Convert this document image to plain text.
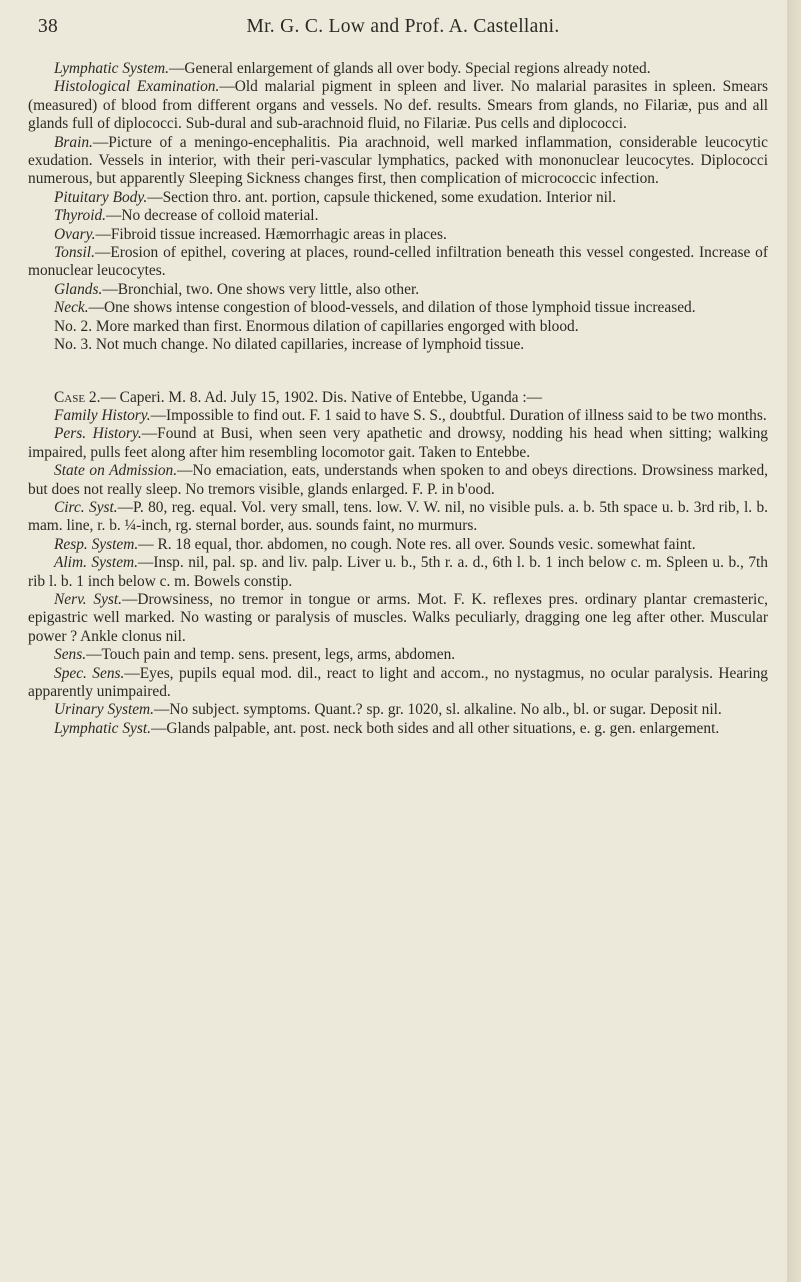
38	Mr. G. C. Low and Prof. A. Castellani.

Lymphatic System.—General enlargement of glands all over body. Special regions already noted.

Histological Examination.—Old malarial pigment in spleen and liver. No malarial parasites in spleen. Smears (measured) of blood from different organs and vessels. No def. results. Smears from glands, no Filariæ, pus and all glands full of diplococci. Sub-dural and sub-arachnoid fluid, no Filariæ. Pus cells and diplococci.

Brain.—Picture of a meningo-encephalitis. Pia arachnoid, well marked inflammation, considerable leucocytic exudation. Vessels in interior, with their peri-vascular lymphatics, packed with mononuclear leucocytes. Diplococci numerous, but apparently Sleeping Sickness changes first, then complication of micrococcic infection.

Pituitary Body.—Section thro. ant. portion, capsule thickened, some exudation. Interior nil.

Thyroid.—No decrease of colloid material.

Ovary.—Fibroid tissue increased. Hæmorrhagic areas in places.

Tonsil.—Erosion of epithel, covering at places, round-celled infiltration beneath this vessel congested. Increase of monuclear leucocytes.

Glands.—Bronchial, two. One shows very little, also other.

Neck.—One shows intense congestion of blood-vessels, and dilation of those lymphoid tissue increased.

No. 2. More marked than first. Enormous dilation of capillaries engorged with blood.

No. 3. Not much change. No dilated capillaries, increase of lymphoid tissue.

Case 2.— Caperi. M. 8. Ad. July 15, 1902. Dis. Native of Entebbe, Uganda :—

Family History.—Impossible to find out. F. 1 said to have S. S., doubtful. Duration of illness said to be two months.

Pers. History.—Found at Busi, when seen very apathetic and drowsy, nodding his head when sitting; walking impaired, pulls feet along after him resembling locomotor gait. Taken to Entebbe.

State on Admission.—No emaciation, eats, understands when spoken to and obeys directions. Drowsiness marked, but does not really sleep. No tremors visible, glands enlarged. F. P. in b'ood.

Circ. Syst.—P. 80, reg. equal. Vol. very small, tens. low. V. W. nil, no visible puls. a. b. 5th space u. b. 3rd rib, l. b. mam. line, r. b. ¼-inch, rg. sternal border, aus. sounds faint, no murmurs.

Resp. System.— R. 18 equal, thor. abdomen, no cough. Note res. all over. Sounds vesic. somewhat faint.

Alim. System.—Insp. nil, pal. sp. and liv. palp. Liver u. b., 5th r. a. d., 6th l. b. 1 inch below c. m. Spleen u. b., 7th rib l. b. 1 inch below c. m. Bowels constip.

Nerv. Syst.—Drowsiness, no tremor in tongue or arms. Mot. F. K. reflexes pres. ordinary plantar cremasteric, epigastric well marked. No wasting or paralysis of muscles. Walks peculiarly, dragging one leg after other. Muscular power ? Ankle clonus nil.

Sens.—Touch pain and temp. sens. present, legs, arms, abdomen.

Spec. Sens.—Eyes, pupils equal mod. dil., react to light and accom., no nystagmus, no ocular paralysis. Hearing apparently unimpaired.

Urinary System.—No subject. symptoms. Quant.? sp. gr. 1020, sl. alkaline. No alb., bl. or sugar. Deposit nil.

Lymphatic Syst.—Glands palpable, ant. post. neck both sides and all other situations, e. g. gen. enlargement.
